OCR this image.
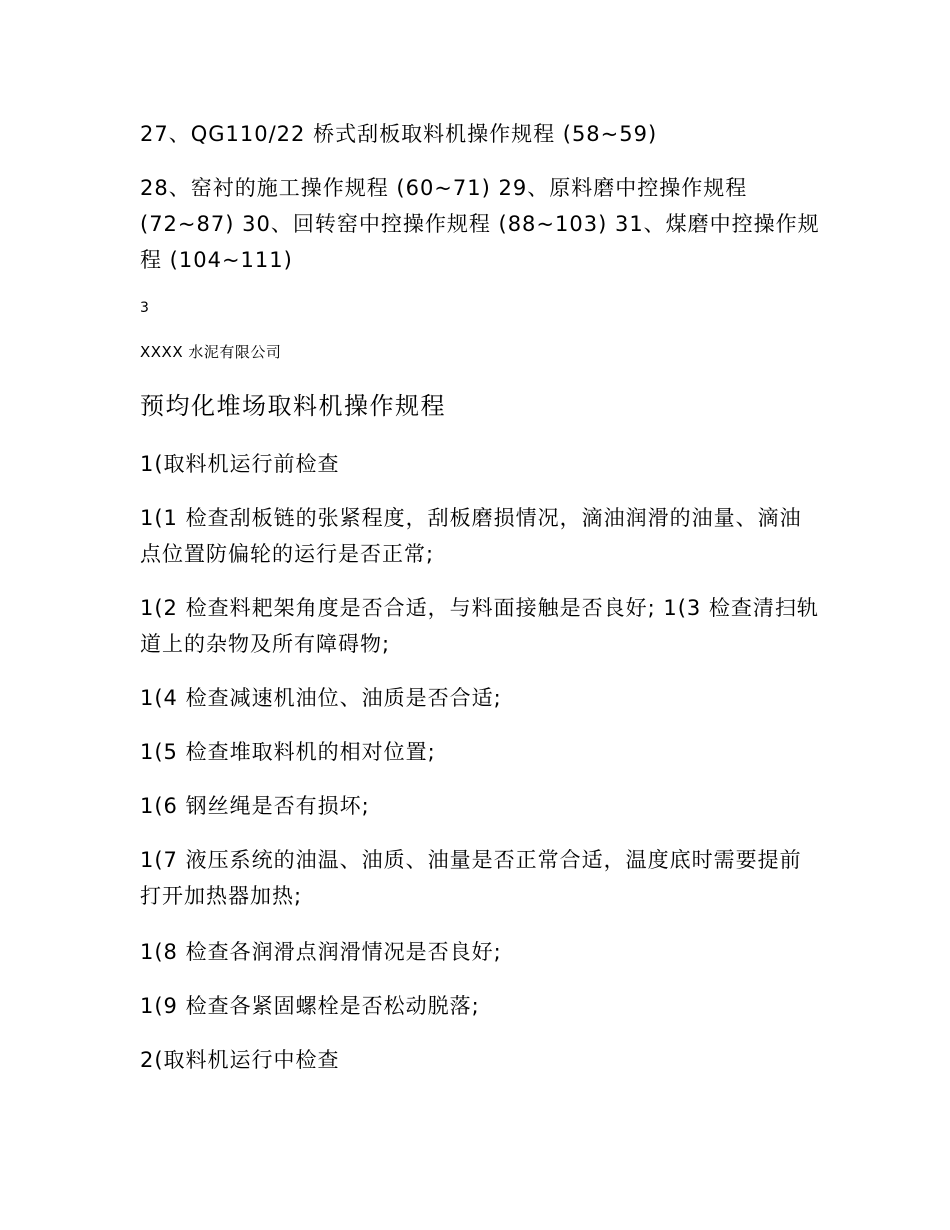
27、QG110/22 桥式刮板取料机操作规程 (58~59)
28、窑衬的施工操作规程 (60~71) 29、原料磨中控操作规程 (72~87) 30、回转窑中控操作规程 (88~103) 31、煤磨中控操作规程 (104~111)
3
XXXX 水泥有限公司
预均化堆场取料机操作规程
1(取料机运行前检查
1(1 检查刮板链的张紧程度，刮板磨损情况，滴油润滑的油量、滴油点位置防偏轮的运行是否正常;
1(2 检查料耙架角度是否合适，与料面接触是否良好; 1(3 检查清扫轨道上的杂物及所有障碍物;
1(4 检查减速机油位、油质是否合适;
1(5 检查堆取料机的相对位置;
1(6 钢丝绳是否有损坏;
1(7 液压系统的油温、油质、油量是否正常合适，温度底时需要提前打开加热器加热;
1(8 检查各润滑点润滑情况是否良好;
1(9 检查各紧固螺栓是否松动脱落;
2(取料机运行中检查
